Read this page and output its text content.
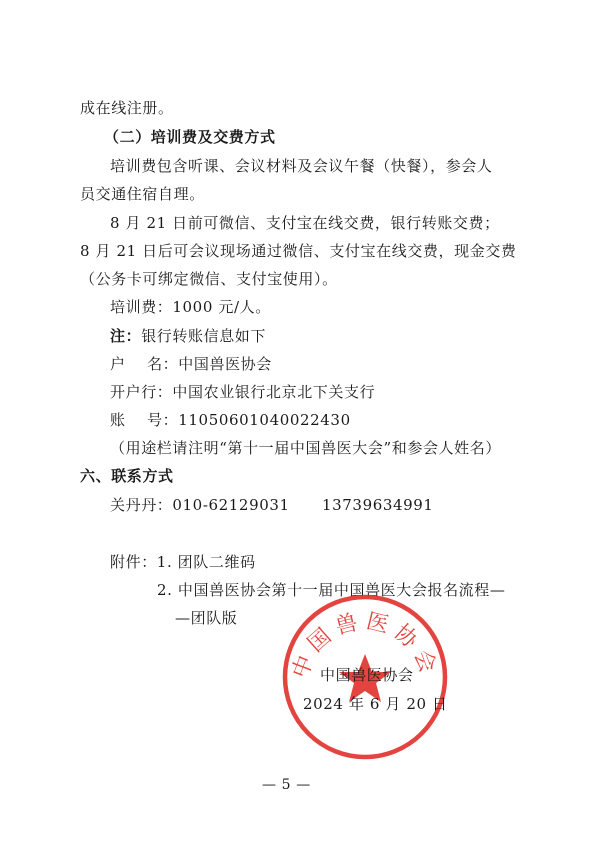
成在线注册。
（二）培训费及交费方式
培训费包含听课、会议材料及会议午餐（快餐），参会人
员交通住宿自理。
8 月 21 日前可微信、支付宝在线交费，银行转账交费；
8 月 21 日后可会议现场通过微信、支付宝在线交费，现金交费
（公务卡可绑定微信、支付宝使用）。
培训费：1000 元/人。
注：银行转账信息如下
户    名：中国兽医协会
开户行：中国农业银行北京北下关支行
账    号：11050601040022430
（用途栏请注明“第十一届中国兽医大会”和参会人姓名）
六、联系方式
关丹丹：010-62129031 13739634991
附件：1. 团队二维码
2. 中国兽医协会第十一届中国兽医大会报名流程—
—团队版
中国兽医协会
中国兽医协会
2024 年 6 月 20 日
— 5 —
